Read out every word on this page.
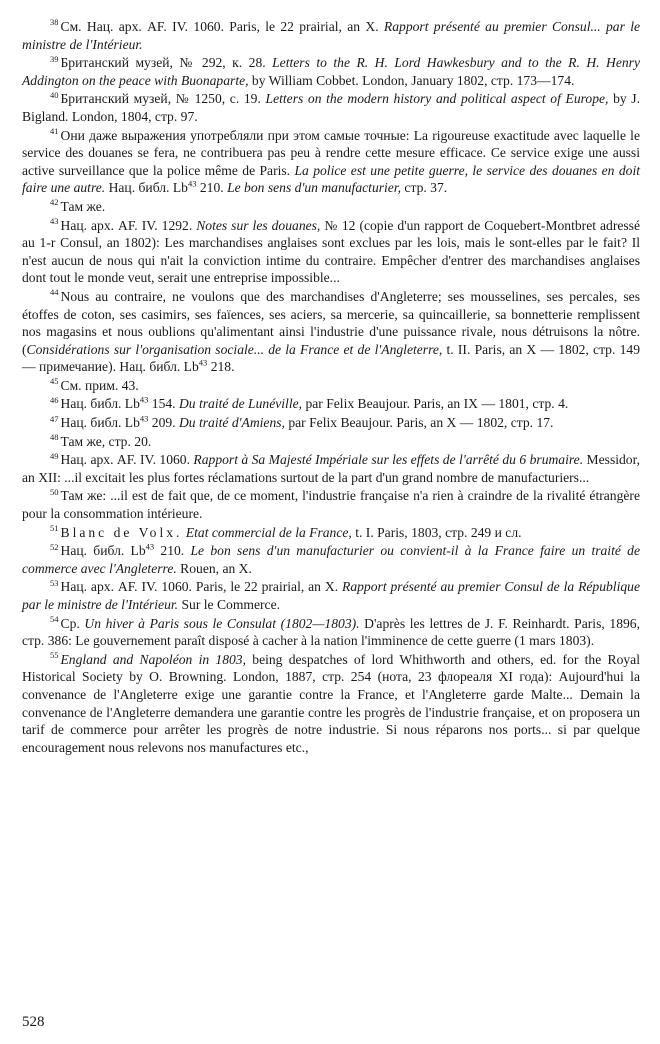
$^{38}$ См. Нац. арх. AF. IV. 1060. Paris, le 22 prairial, an X. Rapport présenté au premier Consul... par le ministre de l'Intérieur.

$^{39}$ Британский музей, № 292, к. 28. Letters to the R. H. Lord Hawkesbury and to the R. H. Henry Addington on the peace with Buonaparte, by William Cobbet. London, January 1802, стр. 173—174.

$^{40}$ Британский музей, № 1250, с. 19. Letters on the modern history and political aspect of Europe, by J. Bigland. London, 1804, стр. 97.

$^{41}$ Они даже выражения употребляли при этом самые точные: La rigoureuse exactitude avec laquelle le service des douanes se fera, ne contribuera pas peu à rendre cette mesure efficace. Ce service exige une aussi active surveillance que la police même de Paris. La police est une petite guerre, le service des douanes en doit faire une autre. Нац. библ. Lb$^{43}$ 210. Le bon sens d'un manufacturier, стр. 37.

$^{42}$ Там же.

$^{43}$ Нац. арх. AF. IV. 1292. Notes sur les douanes, № 12 (copie d'un rapport de Coquebert-Montbret adressé au 1-r Consul, an 1802): Les marchandises anglaises sont exclues par les lois, mais le sont-elles par le fait? Il n'est aucun de nous qui n'ait la conviction intime du contraire. Empêcher d'entrer des marchandises anglaises dont tout le monde veut, serait une entreprise impossible...

$^{44}$ Nous au contraire, ne voulons que des marchandises d'Angleterre; ses mousselines, ses percales, ses étoffes de coton, ses casimirs, ses faïences, ses aciers, sa mercerie, sa quincaillerie, sa bonnetterie remplissent nos magasins et nous oublions qu'alimentant ainsi l'industrie d'une puissance rivale, nous détruisons la nôtre. (Considérations sur l'organisation sociale... de la France et de l'Angleterre, t. II. Paris, an X — 1802, стр. 149 — примечание). Нац. библ. Lb$^{43}$ 218.

$^{45}$ См. прим. 43.

$^{46}$ Нац. библ. Lb$^{43}$ 154. Du traité de Lunéville, par Felix Beaujour. Paris, an IX — 1801, стр. 4.

$^{47}$ Нац. библ. Lb$^{43}$ 209. Du traité d'Amiens, par Felix Beaujour. Paris, an X — 1802, стр. 17.

$^{48}$ Там же, стр. 20.

$^{49}$ Нац. арх. AF. IV. 1060. Rapport à Sa Majesté Impériale sur les effets de l'arrêté du 6 brumaire. Messidor, an XII: ...il excitait les plus fortes réclamations surtout de la part d'un grand nombre de manufacturiers...

$^{50}$ Там же: ...il est de fait que, de ce moment, l'industrie française n'a rien à craindre de la rivalité étrangère pour la consommation intérieure.

$^{51}$ Blanc de Volx. Etat commercial de la France, t. I. Paris, 1803, стр. 249 и сл.

$^{52}$ Нац. библ. Lb$^{43}$ 210. Le bon sens d'un manufacturier ou convient-il à la France faire un traité de commerce avec l'Angleterre. Rouen, an X.

$^{53}$ Нац. арх. AF. IV. 1060. Paris, le 22 prairial, an X. Rapport présenté au premier Consul de la République par le ministre de l'Intérieur. Sur le Commerce.

$^{54}$ Ср. Un hiver à Paris sous le Consulat (1802—1803). D'après les lettres de J. F. Reinhardt. Paris, 1896, стр. 386: Le gouvernement paraît disposé à cacher à la nation l'imminence de cette guerre (1 mars 1803).

$^{55}$ England and Napoléon in 1803, being despatches of lord Whithworth and others, ed. for the Royal Historical Society by O. Browning. London, 1887, стр. 254 (нота, 23 флореаля XI года): Aujourd'hui la convenance de l'Angleterre exige une garantie contre la France, et l'Angleterre garde Malte... Demain la convenance de l'Angleterre demandera une garantie contre les progrès de l'industrie française, et on proposera un tarif de commerce pour arrêter les progrès de notre industrie. Si nous réparons nos ports... si par quelque encouragement nous relevons nos manufactures etc.,

528
